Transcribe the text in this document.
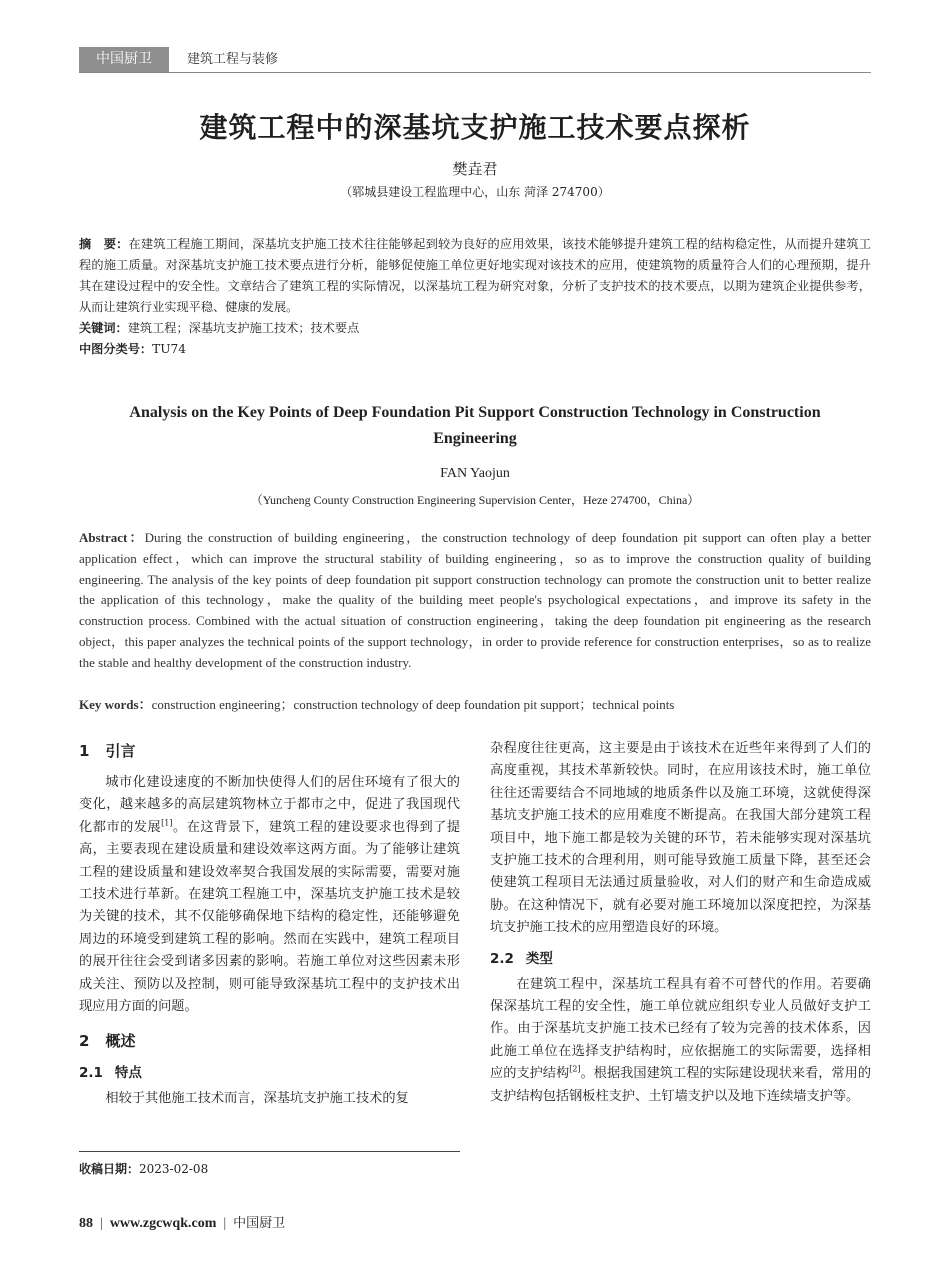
中国厨卫	建筑工程与装修
建筑工程中的深基坑支护施工技术要点探析
樊垚君
（郓城县建设工程监理中心，山东 菏泽 274700）
摘　要：在建筑工程施工期间，深基坑支护施工技术往往能够起到较为良好的应用效果，该技术能够提升建筑工程的结构稳定性，从而提升建筑工程的施工质量。对深基坑支护施工技术要点进行分析，能够促使施工单位更好地实现对该技术的应用，使建筑物的质量符合人们的心理预期，提升其在建设过程中的安全性。文章结合了建筑工程的实际情况，以深基坑工程为研究对象，分析了支护技术的技术要点，以期为建筑企业提供参考，从而让建筑行业实现平稳、健康的发展。
关键词：建筑工程；深基坑支护施工技术；技术要点
中图分类号：TU74
Analysis on the Key Points of Deep Foundation Pit Support Construction Technology in Construction Engineering
FAN Yaojun
（Yuncheng County Construction Engineering Supervision Center，Heze 274700，China）
Abstract：During the construction of building engineering，the construction technology of deep foundation pit support can often play a better application effect，which can improve the structural stability of building engineering，so as to improve the construction quality of building engineering. The analysis of the key points of deep foundation pit support construction technology can promote the construction unit to better realize the application of this technology，make the quality of the building meet people's psychological expectations，and improve its safety in the construction process. Combined with the actual situation of construction engineering，taking the deep foundation pit engineering as the research object，this paper analyzes the technical points of the support technology，in order to provide reference for construction enterprises，so as to realize the stable and healthy development of the construction industry.
Key words：construction engineering；construction technology of deep foundation pit support；technical points
1 引言

城市化建设速度的不断加快使得人们的居住环境有了很大的变化，越来越多的高层建筑物林立于都市之中，促进了我国现代化都市的发展[1]。在这背景下，建筑工程的建设要求也得到了提高，主要表现在建设质量和建设效率这两方面。为了能够让建筑工程的建设质量和建设效率契合我国发展的实际需要，需要对施工技术进行革新。在建筑工程施工中，深基坑支护施工技术是较为关键的技术，其不仅能够确保地下结构的稳定性，还能够避免周边的环境受到建筑工程的影响。然而在实践中，建筑工程项目的展开往往会受到诸多因素的影响。若施工单位对这些因素未形成关注、预防以及控制，则可能导致深基坑工程中的支护技术出现应用方面的问题。

2 概述
2.1 特点

相较于其他施工技术而言，深基坑支护施工技术的复

收稿日期：2023-02-08
杂程度往往更高，这主要是由于该技术在近些年来得到了人们的高度重视，其技术革新较快。同时，在应用该技术时，施工单位往往还需要结合不同地域的地质条件以及施工环境，这就使得深基坑支护施工技术的应用难度不断提高。在我国大部分建筑工程项目中，地下施工都是较为关键的环节，若未能够实现对深基坑支护施工技术的合理利用，则可能导致施工质量下降，甚至还会使建筑工程项目无法通过质量验收，对人们的财产和生命造成威胁。在这种情况下，就有必要对施工环境加以深度把控，为深基坑支护施工技术的应用塑造良好的环境。
2.2 类型

在建筑工程中，深基坑工程具有着不可替代的作用。若要确保深基坑工程的安全性，施工单位就应组织专业人员做好支护工作。由于深基坑支护施工技术已经有了较为完善的技术体系，因此施工单位在选择支护结构时，应依据施工的实际需要，选择相应的支护结构[2]。根据我国建筑工程的实际建设现状来看，常用的支护结构包括钢板柱支护、土钉墙支护以及地下连续墙支护等。

88 | www.zgcwqk.com | 中国厨卫
